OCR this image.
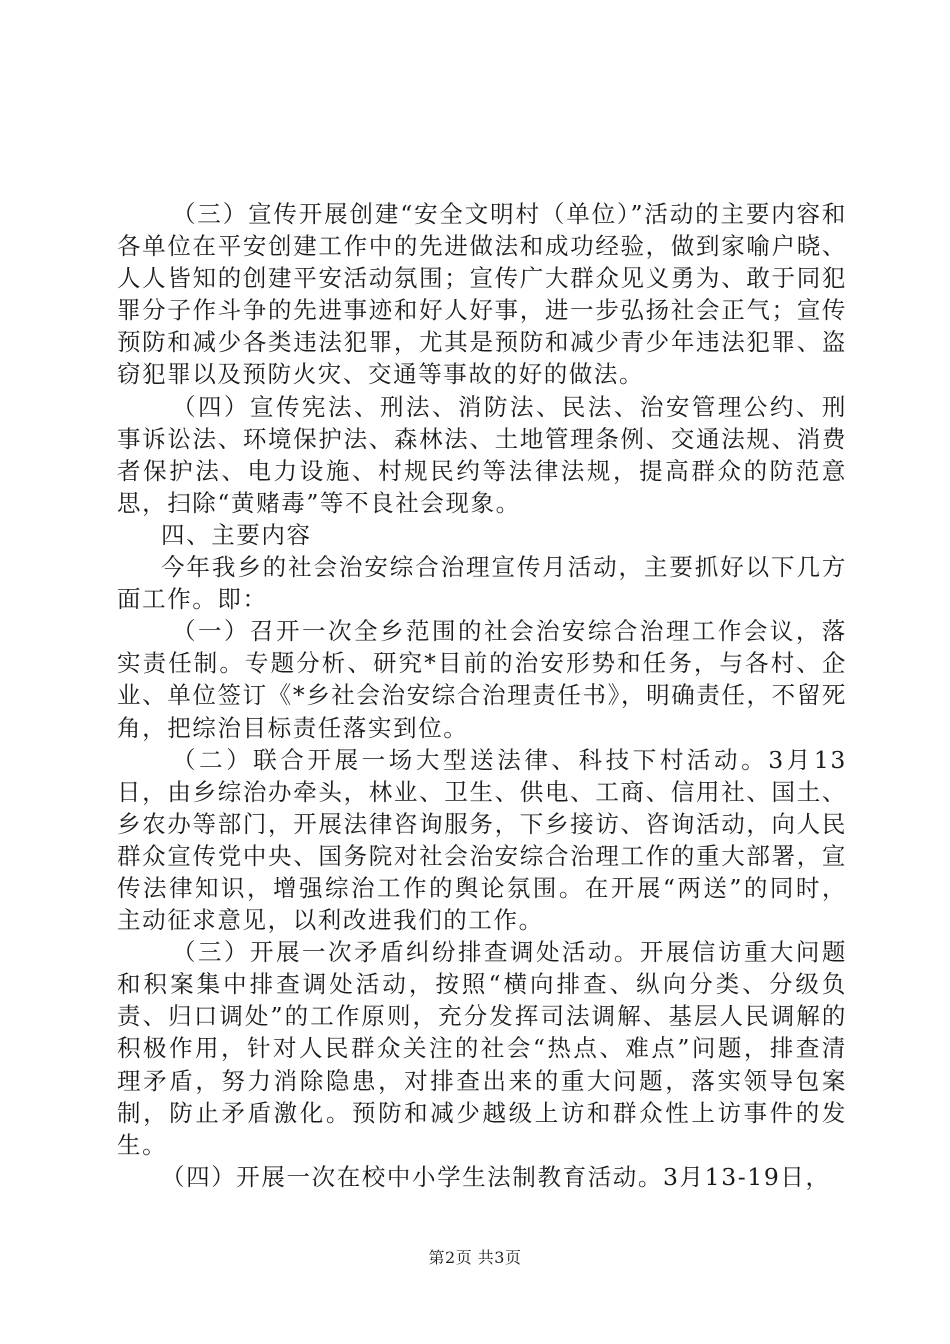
（三）宣传开展创建“安全文明村（单位）”活动的主要内容和各单位在平安创建工作中的先进做法和成功经验，做到家喻户晓、人人皆知的创建平安活动氛围；宣传广大群众见义勇为、敢于同犯罪分子作斗争的先进事迹和好人好事，进一步弘扬社会正气；宣传预防和减少各类违法犯罪，尤其是预防和减少青少年违法犯罪、盗窃犯罪以及预防火灾、交通等事故的好的做法。

（四）宣传宪法、刑法、消防法、民法、治安管理公约、刑事诉讼法、环境保护法、森林法、土地管理条例、交通法规、消费者保护法、电力设施、村规民约等法律法规，提高群众的防范意思，扫除“黄赌毒”等不良社会现象。

四、主要内容

今年我乡的社会治安综合治理宣传月活动，主要抓好以下几方面工作。即：

（一）召开一次全乡范围的社会治安综合治理工作会议，落实责任制。专题分析、研究*目前的治安形势和任务，与各村、企业、单位签订《*乡社会治安综合治理责任书》，明确责任，不留死角，把综治目标责任落实到位。

（二）联合开展一场大型送法律、科技下村活动。3月13日，由乡综治办牵头，林业、卫生、供电、工商、信用社、国土、乡农办等部门，开展法律咨询服务，下乡接访、咨询活动，向人民群众宣传党中央、国务院对社会治安综合治理工作的重大部署，宣传法律知识，增强综治工作的舆论氛围。在开展“两送”的同时，主动征求意见，以利改进我们的工作。

（三）开展一次矛盾纠纷排查调处活动。开展信访重大问题和积案集中排查调处活动，按照“横向排查、纵向分类、分级负责、归口调处”的工作原则，充分发挥司法调解、基层人民调解的积极作用，针对人民群众关注的社会“热点、难点”问题，排查清理矛盾，努力消除隐患，对排查出来的重大问题，落实领导包案制，防止矛盾激化。预防和减少越级上访和群众性上访事件的发生。

（四）开展一次在校中小学生法制教育活动。3月13-19日，

第2页 共3页
